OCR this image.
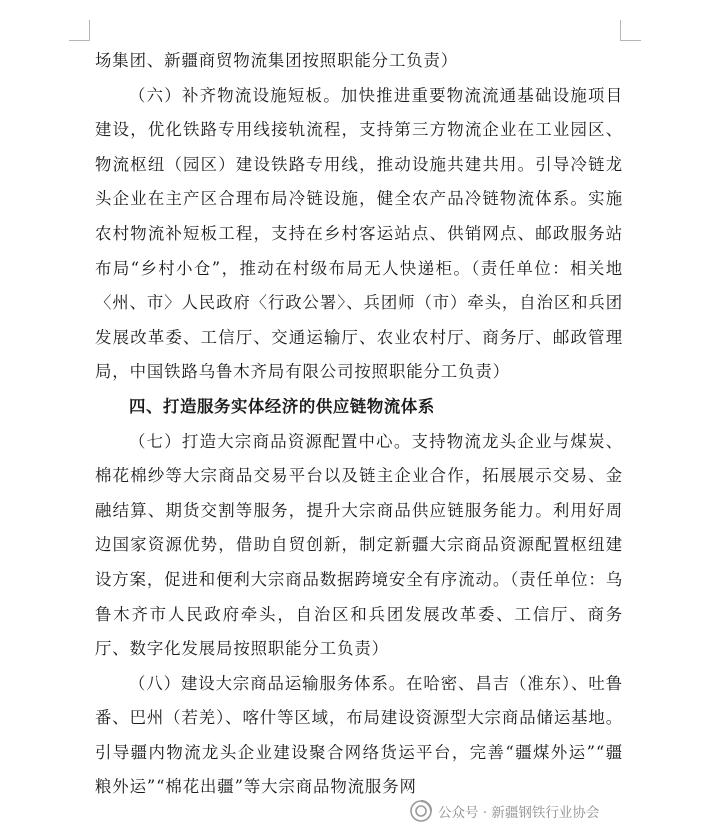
场集团、新疆商贸物流集团按照职能分工负责）

（六）补齐物流设施短板。加快推进重要物流流通基础设施项目建设，优化铁路专用线接轨流程，支持第三方物流企业在工业园区、物流枢纽（园区）建设铁路专用线，推动设施共建共用。引导冷链龙头企业在主产区合理布局冷链设施，健全农产品冷链物流体系。实施农村物流补短板工程，支持在乡村客运站点、供销网点、邮政服务站布局“乡村小仓”，推动在村级布局无人快递柜。（责任单位：相关地〈州、市〉人民政府〈行政公署〉、兵团师（市）牵头，自治区和兵团发展改革委、工信厅、交通运输厅、农业农村厅、商务厅、邮政管理局，中国铁路乌鲁木齐局有限公司按照职能分工负责）

四、打造服务实体经济的供应链物流体系

（七）打造大宗商品资源配置中心。支持物流龙头企业与煤炭、棉花棉纱等大宗商品交易平台以及链主企业合作，拓展展示交易、金融结算、期货交割等服务，提升大宗商品供应链服务能力。利用好周边国家资源优势，借助自贸创新，制定新疆大宗商品资源配置枢纽建设方案，促进和便利大宗商品数据跨境安全有序流动。（责任单位：乌鲁木齐市人民政府牵头，自治区和兵团发展改革委、工信厅、商务厅、数字化发展局按照职能分工负责）

（八）建设大宗商品运输服务体系。在哈密、昌吉（准东）、吐鲁番、巴州（若羌）、喀什等区域，布局建设资源型大宗商品储运基地。引导疆内物流龙头企业建设聚合网络货运平台，完善“疆煤外运”“疆粮外运”“棉花出疆”等大宗商品物流服务网

公众号 · 新疆钢铁行业协会
